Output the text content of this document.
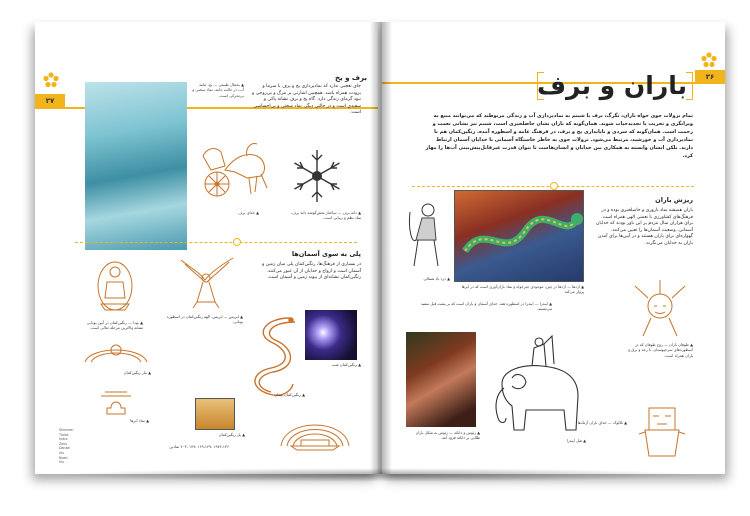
۳۷
▲ یخچال طبیعی — یخ، مانند آب، در حالت جامد، نماد سختی و بی‌تحرکی است.
برف و یخ
جای تعجبی ندارد که نمادپردازی یخ و برف با سرما و برودت همراه باشد. همچنین اشارتی بر مرگ و بی‌روحی و نبود گرمای زندگی دارد. گاه یخ و برف نشانه پاکی و سفیدی است و در حالتی دیگر، نماد سختی و بی‌احساسی است.
▲ خدای برف	▲ دانه برف — ساختار شش‌گوشه دانه برف، نماد نظم و زیبایی است.
پلی به سوی آسمان‌ها
در بسیاری از فرهنگ‌ها، رنگین‌کمان پلی میان زمین و آسمان است و ارواح و خدایان از آن عبور می‌کنند. رنگین‌کمان نشانه‌ای از پیوند زمین و آسمان است.
▲ بودا — رنگین‌کمان در آیین بودایی نشانه والاترین مرحله تعالی است.
▲ ایریس — ایریس، الهه رنگین‌کمان در اسطوره یونانی.
▲ رنگین‌کمان شب
▲ مار رنگین‌کمان
▲ نماد ابرها
▲ پل رنگین‌کمان
▲ رنگین‌کمان پیمان
Shinmen
Tlaloc
Indra
Zeus
Danae
Iris
Noah
Iris
۱۹۷۶،۱۳۶ ،۱۶۹،۱۴۹ ،۱۷۹ ،۲۰۳ نمادین
۳۶
باران و برف
تمام نزولات جوی خواه باران، تگرگ، برف یا شبنم به نمادپردازی آب و زندگی مربوطند که می‌توانند منبع به ویرانگری و تخریب یا تجدیدحیات شوند. همان‌گونه که باران نشان حاصلخیزی است، شبنم نیز نشانی نعمت و رحمت است. همان‌گونه که سردی و ناپایداری یخ و برف، در فرهنگ عامه و اسطوره آمده. رنگین‌کمان هم با نمادپردازی آب و خورشید، مرتبط می‌شود. نزولات جوی به خاطر خاستگاه آسمانی با خدایان آسمان ارتباط دارند. بلکن انسان وابسته به همکاری بین خدایان و انسان‌هاست تا بتوان قدرت غیرقابل‌پیش‌بینی آب‌ها را مهار کرد.
ریزش باران
باران همیشه نماد باروری و حاصلخیزی بوده و در فرهنگ‌های کشاورزی با نعمتی الهی همراه است. برای هزاران سال مردم بر این باور بودند که خدایان آسمانی، وضعیت آسمان‌ها را تعیین می‌کنند. گهواره‌ای برای باران هستند و در آیین‌ها برای آمدن باران به خدایان می‌نگرند.
▲ اژدها — اژدها در چین، موجودی خیرخواه و نماد باران‌آوری است که در ابرها پرواز می‌کند.
▲ دزدِ بادِ شمالی
▲ ایندرا — ایندرا در اسطوره هند، خدای آسمان و باران است که بر پشت فیل سفید می‌نشیند.
▲ طوفان باران — روح طوفان که در اسطوره‌های سرخپوستان، با رعد و برق و باران همراه است.
▲ زئوس و دانائه — زئوس به شکل باران طلایی بر دانائه فرود آمد.
▲ فیل ایندرا
▲ تلالوک — خدای باران آزتک‌ها
